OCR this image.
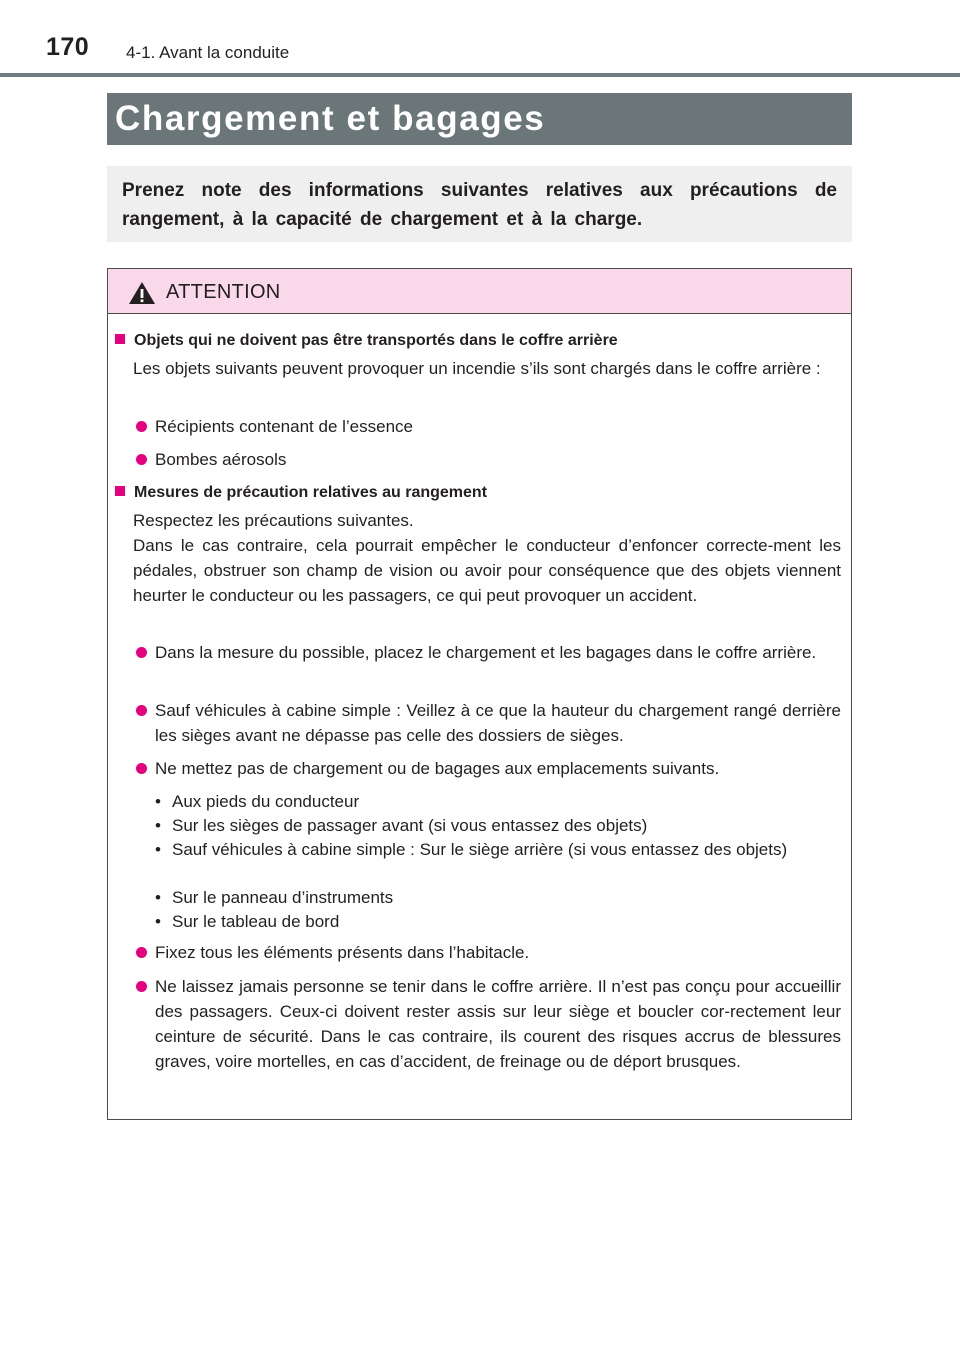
170 4-1. Avant la conduite
Chargement et bagages

Prenez note des informations suivantes relatives aux précautions de rangement, à la capacité de chargement et à la charge.

ATTENTION
Objets qui ne doivent pas être transportés dans le coffre arrière
Les objets suivants peuvent provoquer un incendie s’ils sont chargés dans le coffre arrière :
Récipients contenant de l’essence
Bombes aérosols
Mesures de précaution relatives au rangement
Respectez les précautions suivantes.
Dans le cas contraire, cela pourrait empêcher le conducteur d’enfoncer correcte-ment les pédales, obstruer son champ de vision ou avoir pour conséquence que des objets viennent heurter le conducteur ou les passagers, ce qui peut provoquer un accident.
Dans la mesure du possible, placez le chargement et les bagages dans le coffre arrière.
Sauf véhicules à cabine simple : Veillez à ce que la hauteur du chargement rangé derrière les sièges avant ne dépasse pas celle des dossiers de sièges.
Ne mettez pas de chargement ou de bagages aux emplacements suivants.
• Aux pieds du conducteur
• Sur les sièges de passager avant (si vous entassez des objets)
• Sauf véhicules à cabine simple : Sur le siège arrière (si vous entassez des objets)
• Sur le panneau d’instruments
• Sur le tableau de bord
Fixez tous les éléments présents dans l’habitacle.
Ne laissez jamais personne se tenir dans le coffre arrière. Il n’est pas conçu pour accueillir des passagers. Ceux-ci doivent rester assis sur leur siège et boucler cor-rectement leur ceinture de sécurité. Dans le cas contraire, ils courent des risques accrus de blessures graves, voire mortelles, en cas d’accident, de freinage ou de déport brusques.
